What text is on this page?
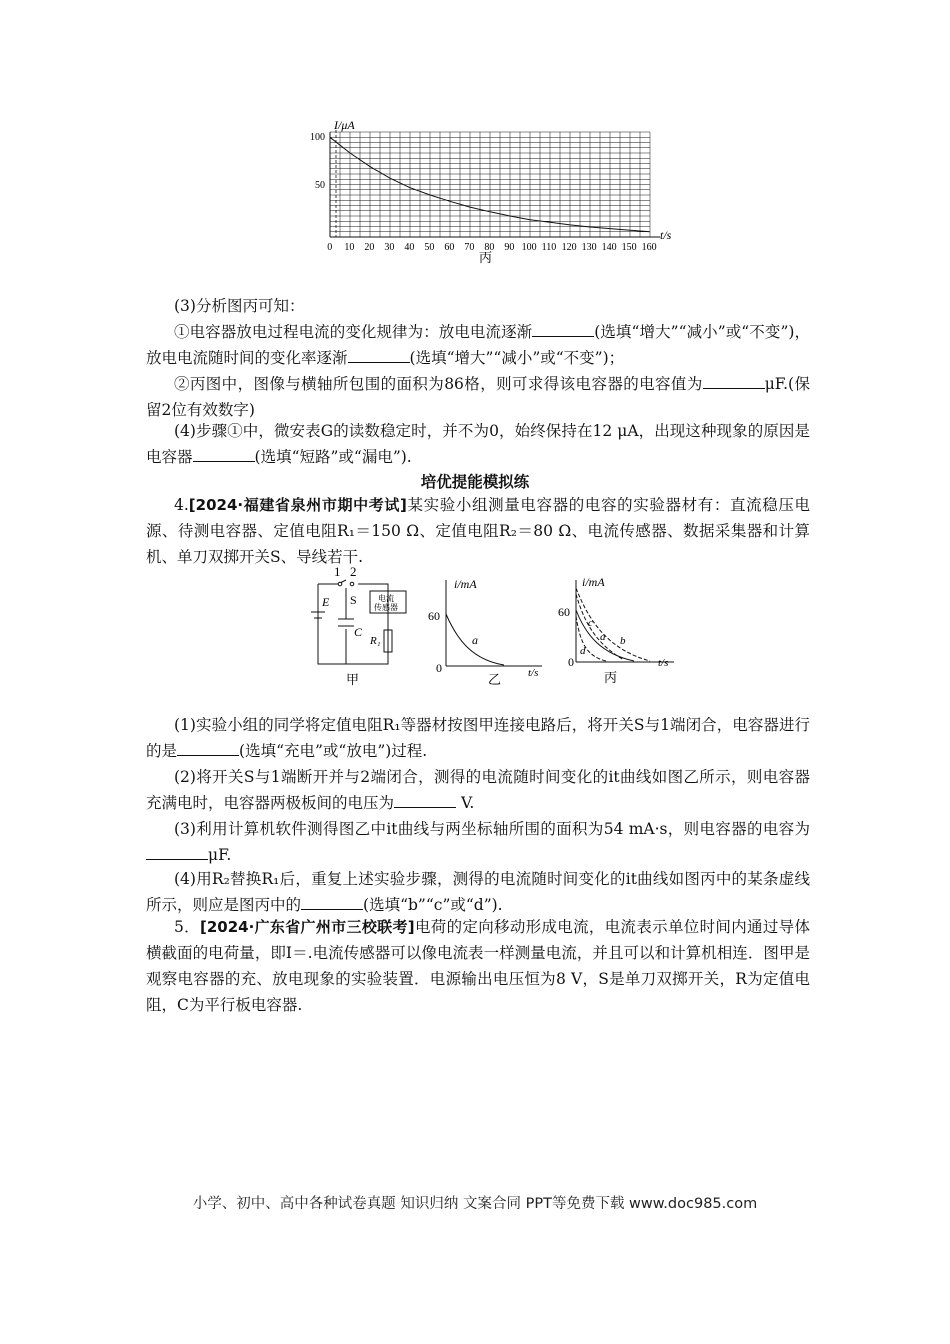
0 10 20 30 40 50 60 70 80 90 100 110 120 130 140 150 160
I/μA
t/s
100
50
丙
(3)分析图丙可知：
①电容器放电过程电流的变化规律为：放电电流逐渐	(选填“增大”“减小”或“不变”)，放电电流随时间的变化率逐渐	(选填“增大”“减小”或“不变”)；
②丙图中，图像与横轴所包围的面积为86格，则可求得该电容器的电容值为	μF.(保留2位有效数字)
(4)步骤①中，微安表G的读数稳定时，并不为0，始终保持在12 μA，出现这种现象的原因是电容器	(选填“短路”或“漏电”).
培优提能模拟练
4.[2024·福建省泉州市期中考试]某实验小组测量电容器的电容的实验器材有：直流稳压电源、待测电容器、定值电阻R₁＝150 Ω、定值电阻R₂＝80 Ω、电流传感器、数据采集器和计算机、单刀双掷开关S、导线若干.
1 2
S
E
C
R₁
电流
传感器
甲
i/mA
t/s
60
0
a
乙
i/mA
t/s
60
0
c
a b
d
丙
(1)实验小组的同学将定值电阻R₁等器材按图甲连接电路后，将开关S与1端闭合，电容器进行的是	(选填“充电”或“放电”)过程.
(2)将开关S与1端断开并与2端闭合，测得的电流随时间变化的it曲线如图乙所示，则电容器充满电时，电容器两极板间的电压为	V.
(3)利用计算机软件测得图乙中it曲线与两坐标轴所围的面积为54 mA·s，则电容器的电容为μF.
(4)用R₂替换R₁后，重复上述实验步骤，测得的电流随时间变化的it曲线如图丙中的某条虚线所示，则应是图丙中的	(选填“b”“c”或“d”).
5．[2024·广东省广州市三校联考]电荷的定向移动形成电流，电流表示单位时间内通过导体横截面的电荷量，即I＝.电流传感器可以像电流表一样测量电流，并且可以和计算机相连．图甲是观察电容器的充、放电现象的实验装置．电源输出电压恒为8 V，S是单刀双掷开关，R为定值电阻，C为平行板电容器.
小学、初中、高中各种试卷真题 知识归纳 文案合同 PPT等免费下载 www.doc985.com
